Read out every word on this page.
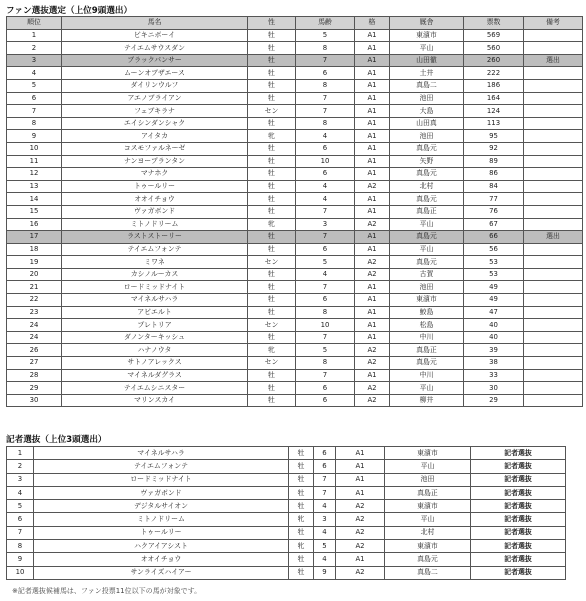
ファン選抜選定（上位9頭選出）
順位	馬名	性	馬齢	格	厩舎	票数	備考
1	ビキニボーイ	牡	5	A1	東濱市	569	
2	テイエムサウスダン	牡	8	A1	平山	560	
3	ブラックパンサー	牡	7	A1	山田徹	260	選出
4	ムーンオブザエース	牡	6	A1	土井	222	
5	ダイリンウルフ	牡	8	A1	真島二	186	
6	アエノブライアン	牡	7	A1	池田	164	
7	フェブキラナ	セン	7	A1	大島	124	
8	エイシンダンシャク	牡	8	A1	山田真	113	
9	アイタカ	牝	4	A1	池田	95	
10	コスモファルネーゼ	牡	6	A1	真島元	92	
11	ナンヨープランタン	牡	10	A1	矢野	89	
12	マナホク	牡	6	A1	真島元	86	
13	トゥールリー	牡	4	A2	北村	84	
14	オオイチョウ	牡	4	A1	真島元	77	
15	ヴァガボンド	牡	7	A1	真島正	76	
16	ミトノドリーム	牝	3	A2	平山	67	
17	ラストストーリー	牡	7	A1	真島元	66	選出
18	テイエムフォンテ	牡	6	A1	平山	56	
19	ミワネ	セン	5	A2	真島元	53	
20	カシノルーカス	牡	4	A2	古賀	53	
21	ロードミッドナイト	牡	7	A1	池田	49	
22	マイネルサハラ	牡	6	A1	東濱市	49	
23	アビエルト	牡	8	A1	鮫島	47	
24	プレトリア	セン	10	A1	松島	40	
24	ダノンターキッシュ	牡	7	A1	中川	40	
26	ハナノウタ	牝	5	A2	真島正	39	
27	サトノアレックス	セン	8	A2	真島元	38	
28	マイネルダグラス	牡	7	A1	中川	33	
29	テイエムシニスター	牡	6	A2	平山	30	
30	マリンスカイ	牡	6	A2	柳井	29	
記者選抜（上位3頭選出）
1	マイネルサハラ	牡	6	A1	東濱市	記者選抜
2	テイエムフォンテ	牡	6	A1	平山	記者選抜
3	ロードミッドナイト	牡	7	A1	池田	記者選抜
4	ヴァガボンド	牡	7	A1	真島正	記者選抜
5	デジタルサイオン	牡	4	A2	東濱市	記者選抜
6	ミトノドリーム	牝	3	A2	平山	記者選抜
7	トゥールリー	牡	4	A2	北村	記者選抜
8	ハクアイアシスト	牝	5	A2	東濱市	記者選抜
9	オオイチョウ	牡	4	A1	真島元	記者選抜
10	サンライズハイアー	牡	9	A2	真島二	記者選抜
※記者選抜候補馬は、ファン投票11位以下の馬が対象です。
